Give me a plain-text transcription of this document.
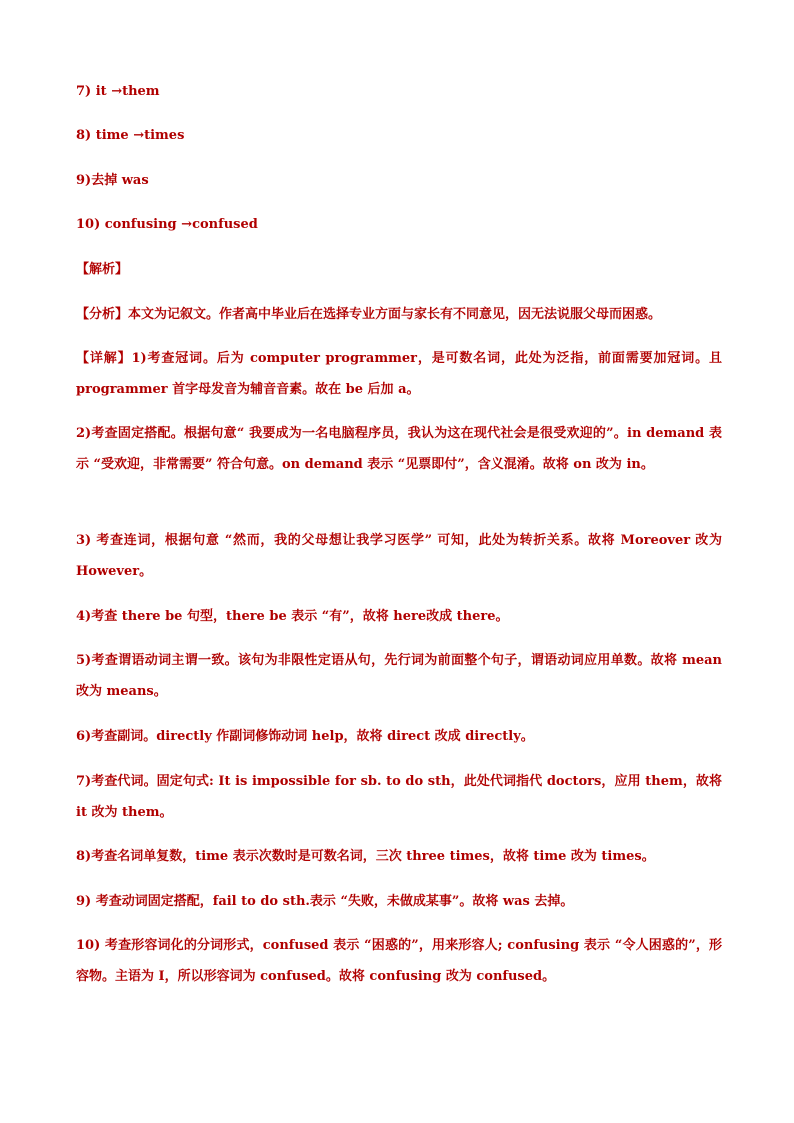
7) it →them
8) time →times
9)去掉 was
10) confusing →confused
【解析】
【分析】本文为记叙文。作者高中毕业后在选择专业方面与家长有不同意见，因无法说服父母而困惑。
【详解】1)考查冠词。后为 computer programmer，是可数名词，此处为泛指，前面需要加冠词。且 programmer 首字母发音为辅音音素。故在 be 后加 a。
2)考查固定搭配。根据句意“ 我要成为一名电脑程序员，我认为这在现代社会是很受欢迎的”。in demand 表示 “受欢迎，非常需要” 符合句意。on demand 表示 “见票即付”，含义混淆。故将 on 改为 in。
3) 考查连词，根据句意 “然而，我的父母想让我学习医学” 可知，此处为转折关系。故将 Moreover 改为 However。
4)考查 there be 句型，there be 表示 “有”，故将 here改成 there。
5)考查谓语动词主谓一致。该句为非限性定语从句，先行词为前面整个句子，谓语动词应用单数。故将 mean 改为 means。
6)考查副词。directly 作副词修饰动词 help，故将 direct 改成 directly。
7)考查代词。固定句式: It is impossible for sb. to do sth，此处代词指代 doctors，应用 them，故将 it 改为 them。
8)考查名词单复数，time 表示次数时是可数名词，三次 three times，故将 time 改为 times。
9) 考查动词固定搭配，fail to do sth.表示 “失败，未做成某事”。故将 was 去掉。
10) 考查形容词化的分词形式，confused 表示 “困惑的”，用来形容人; confusing 表示 “令人困惑的”，形容物。主语为 I，所以形容词为 confused。故将 confusing 改为 confused。
